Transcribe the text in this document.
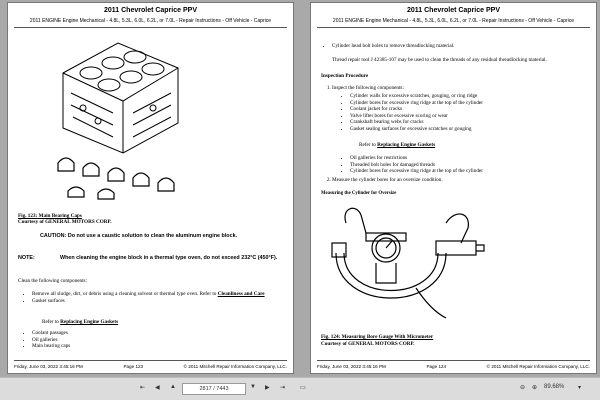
2011 Chevrolet Caprice PPV
2011 ENGINE Engine Mechanical - 4.8L, 5.3L, 6.0L, 6.2L, or 7.0L - Repair Instructions - Off Vehicle - Caprice
Fig. 123: Main Bearing Caps
Courtesy of GENERAL MOTORS CORP.
CAUTION: Do not use a caustic solution to clean the aluminum engine block.
NOTE:	When cleaning the engine block in a thermal type oven, do not exceed 232°C (450°F).
Clean the following components:
• Remove all sludge, dirt, or debris using a cleaning solvent or thermal type oven. Refer to Cleanliness and Care
• Gasket surfaces
Refer to Replacing Engine Gaskets
• Coolant passages
• Oil galleries
• Main bearing caps
Friday, June 03, 2022 3:45:16 PM	Page 123	© 2011 Mitchell Repair Information Company, LLC.
2011 Chevrolet Caprice PPV
2011 ENGINE Engine Mechanical - 4.8L, 5.3L, 6.0L, 6.2L, or 7.0L - Repair Instructions - Off Vehicle - Caprice
• Cylinder head bolt holes to remove threadlocking material.
Thread repair tool J 42385-107 may be used to clean the threads of any residual threadlocking material.
Inspection Procedure
1. Inspect the following components:
• Cylinder walls for excessive scratches, gouging, or ring ridge
• Cylinder bores for excessive ring ridge at the top of the cylinder
• Coolant jacket for cracks
• Valve lifter bores for excessive scoring or wear
• Crankshaft bearing webs for cracks
• Gasket sealing surfaces for excessive scratches or gouging
Refer to Replacing Engine Gaskets
• Oil galleries for restrictions
• Threaded bolt holes for damaged threads
• Cylinder bores for excessive ring ridge at the top of the cylinder
2. Measure the cylinder bores for an oversize condition.
Measuring the Cylinder for Oversize
Fig. 124: Measuring Bore Gauge With Micrometer
Courtesy of GENERAL MOTORS CORP.
Friday, June 03, 2022 3:45:16 PM	Page 124	© 2011 Mitchell Repair Information Company, LLC.
⇤ ◀ ▲	2817 / 7443	▼ ▶ ⇥ ▭	⊖ ⊕ 89.68% ▾
